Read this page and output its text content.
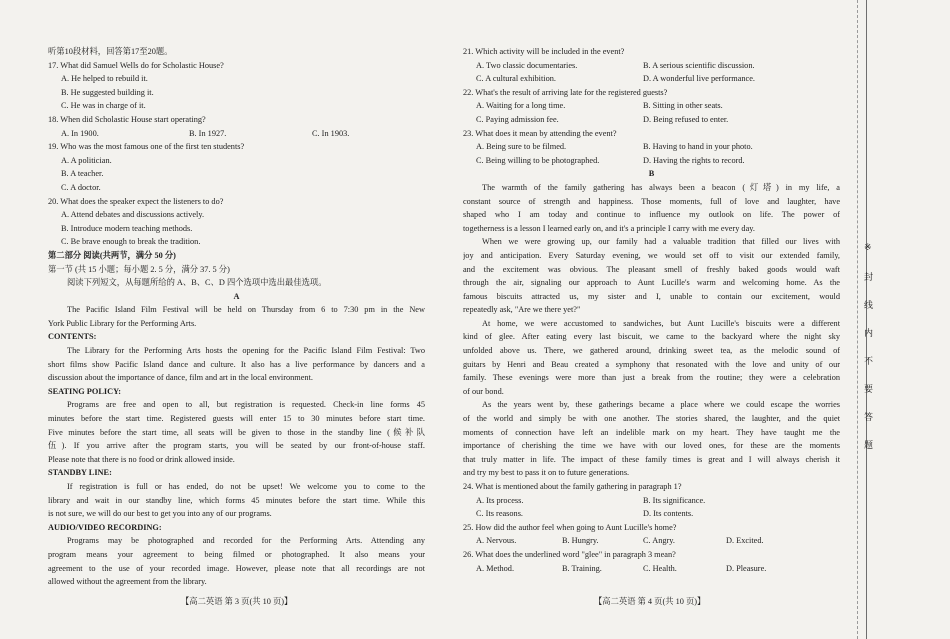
听第10段材料，回答第17至20题。
17. What did Samuel Wells do for Scholastic House?
A. He helped to rebuild it.
B. He suggested building it.
C. He was in charge of it.
18. When did Scholastic House start operating?
A. In 1900.	B. In 1927.	C. In 1903.
19. Who was the most famous one of the first ten students?
A. A politician.
B. A teacher.
C. A doctor.
20. What does the speaker expect the listeners to do?
A. Attend debates and discussions actively.
B. Introduce modern teaching methods.
C. Be brave enough to break the tradition.
第二部分 阅读(共两节，满分 50 分)
第一节 (共 15 小题；每小题 2. 5 分，满分 37. 5 分)
阅读下列短文，从每题所给的 A、B、C、D 四个选项中选出最佳选项。
A
The Pacific Island Film Festival will be held on Thursday from 6 to 7:30 pm in the New
York Public Library for the Performing Arts.
CONTENTS:
The Library for the Performing Arts hosts the opening for the Pacific Island Film Festival: Two
short films show Pacific Island dance and culture. It also has a live performance by dancers and a
discussion about the importance of dance, film and art in the local environment.
SEATING POLICY:
Programs are free and open to all, but registration is requested. Check-in line forms 45
minutes before the start time. Registered guests will enter 15 to 30 minutes before start time.
Five minutes before the start time, all seats will be given to those in the standby line (候补队
伍). If you arrive after the program starts, you will be seated by our front-of-house staff.
Please note that there is no food or drink allowed inside.
STANDBY LINE:
If registration is full or has ended, do not be upset! We welcome you to come to the
library and wait in our standby line, which forms 45 minutes before the start time. While this
is not sure, we will do our best to get you into any of our programs.
AUDIO/VIDEO RECORDING:
Programs may be photographed and recorded for the Performing Arts. Attending any
program means your agreement to being filmed or photographed. It also means your
agreement to the use of your recorded image. However, please note that all recordings are not
allowed without the agreement from the library.
【高二英语 第 3 页(共 10 页)】
21. Which activity will be included in the event?
A. Two classic documentaries.	B. A serious scientific discussion.
C. A cultural exhibition.	D. A wonderful live performance.
22. What's the result of arriving late for the registered guests?
A. Waiting for a long time.	B. Sitting in other seats.
C. Paying admission fee.	D. Being refused to enter.
23. What does it mean by attending the event?
A. Being sure to be filmed.	B. Having to hand in your photo.
C. Being willing to be photographed.	D. Having the rights to record.
B
The warmth of the family gathering has always been a beacon (灯塔) in my life, a
constant source of strength and happiness. Those moments, full of love and laughter, have
shaped who I am today and continue to influence my outlook on life. The power of
togetherness is a lesson I learned early on, and it's a principle I carry with me every day.
When we were growing up, our family had a valuable tradition that filled our lives with
joy and anticipation. Every Saturday evening, we would set off to visit our extended family,
and the excitement was obvious. The pleasant smell of freshly baked goods would waft
through the air, signaling our approach to Aunt Lucille's warm and welcoming home. As the
famous biscuits attracted us, my sister and I, unable to contain our excitement, would
repeatedly ask, "Are we there yet?"
At home, we were accustomed to sandwiches, but Aunt Lucille's biscuits were a different
kind of glee. After eating every last biscuit, we came to the backyard where the night sky
unfolded above us. There, we gathered around, drinking sweet tea, as the melodic sound of
guitars by Henri and Beau created a symphony that resonated with the love and unity of our
family. These evenings were more than just a break from the routine; they were a celebration
of our bond.
As the years went by, these gatherings became a place where we could escape the worries
of the world and simply be with one another. The stories shared, the laughter, and the quiet
moments of connection have left an indelible mark on my heart. They have taught me the
importance of cherishing the time we have with our loved ones, for these are the moments
that truly matter in life. The impact of these family times is great and I will always cherish it
and try my best to pass it on to future generations.
24. What is mentioned about the family gathering in paragraph 1?
A. Its process.	B. Its significance.
C. Its reasons.	D. Its contents.
25. How did the author feel when going to Aunt Lucille's home?
A. Nervous.	B. Hungry.	C. Angry.	D. Excited.
26. What does the underlined word "glee" in paragraph 3 mean?
A. Method.	B. Training.	C. Health.	D. Pleasure.
【高二英语 第 4 页(共 10 页)】
※
封
线
内
不
要
答
题
